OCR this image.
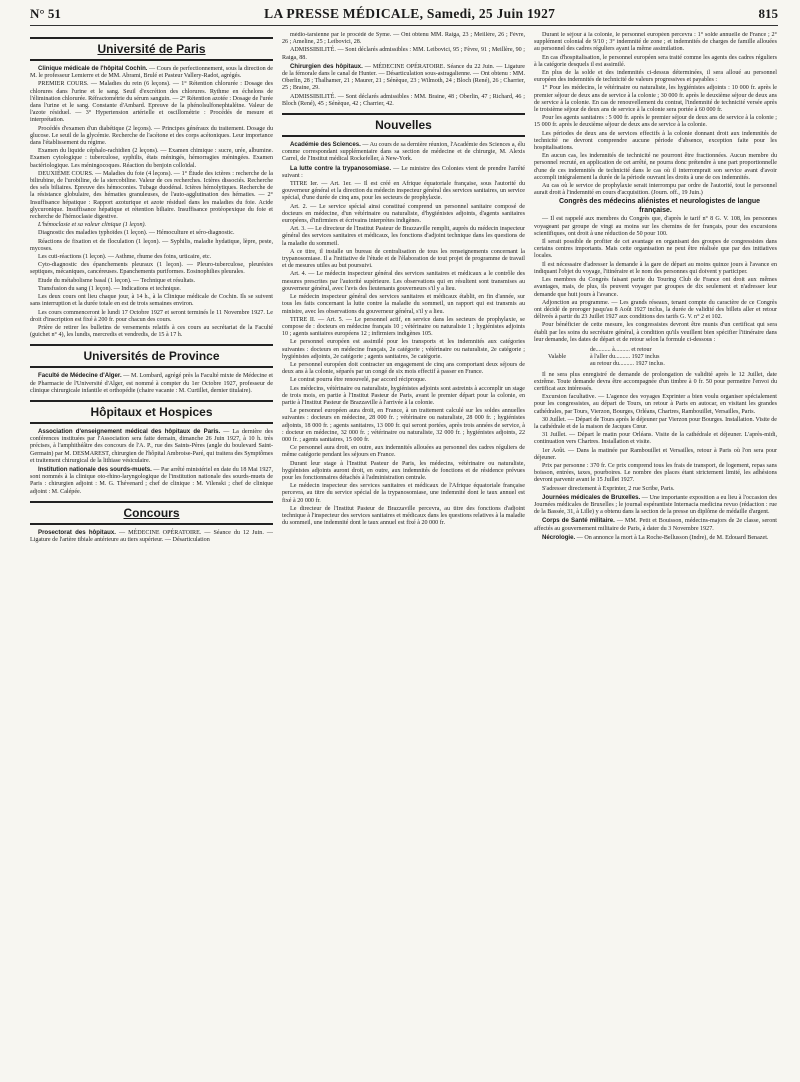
N° 51	LA PRESSE MÉDICALE, Samedi, 25 Juin 1927	815
Université de Paris

Clinique médicale de l'hôpital Cochin. — Cours de perfectionnement, sous la direction de M. le professeur Lemierre et de MM. Abrami, Brulé et Pasteur Vallery-Radot, agrégés.

PREMIER COURS. — Maladies du rein (6 leçons). — 1° Rétention chlorurée : Dosage des chlorures dans l'urine et le sang. Seuil d'excrétion des chlorures. Rythme en échelons de l'élimination chlorurée. Réfractométrie du sérum sanguin. — 2° Rétention azotée : Dosage de l'urée dans l'urine et le sang. Constante d'Ambard. Epreuve de la phénolsulfonephtaléine. Valeur de l'azote résiduel. — 3° Hypertension artérielle et oscillométrie : Procédés de mesure et interprétation.

Procédés d'examen d'un diabétique (2 leçons). — Principes généraux du traitement. Dosage du glucose. Le seuil de la glycémie. Recherche de l'acétone et des corps acétoniques. Leur importance dans l'établissement du régime.

Examen du liquide céphalo-rachidien (2 leçons). — Examen chimique : sucre, urée, albumine. Examen cytologique : tuberculose, syphilis, états méningés, hémorragies méningées. Examen bactériologique. Les méningocoques. Réaction du benjoin colloïdal.

DEUXIÈME COURS. — Maladies du foie (4 leçons). — 1° Étude des ictères : recherche de la bilirubine, de l'urobiline, de la stercobiline. Valeur de ces recherches. Ictères dissociés. Recherche des sels biliaires. Epreuve des hémoconies. Tubage duodénal. Ictères hémolytiques. Recherche de la résistance globulaire, des hématies granuleuses, de l'auto-agglutination des hématies. — 2° Insuffisance hépatique : Rapport azoturique et azote résiduel dans les maladies du foie. Acide glycuronique. Insuffisance hépatique et rétention biliaire. Insuffisance protéopexique du foie et recherche de l'hémoclasie digestive.

L'hémoclasie et sa valeur clinique (1 leçon).

Diagnostic des maladies typhoïdes (1 leçon). — Hémoculture et séro-diagnostic.

Réactions de fixation et de floculation (1 leçon). — Syphilis, maladie hydatique, lèpre, peste, mycoses.

Les cuti-réactions (1 leçon). — Asthme, rhume des foins, urticaire, etc.

Cyto-diagnostic des épanchements pleuraux (1 leçon). — Pleuro-tuberculose, pleurésies septiques, mécaniques, cancéreuses. Epanchements puriformes. Eosinophilies pleurales.

Etude du métabolisme basal (1 leçon). — Technique et résultats.

Transfusion du sang (1 leçon). — Indications et technique.

Les deux cours ont lieu chaque jour, à 14 h., à la Clinique médicale de Cochin. Ils se suivent sans interruption et la durée totale en est de trois semaines environ.

Les cours commenceront le lundi 17 Octobre 1927 et seront terminés le 11 Novembre 1927. Le droit d'inscription est fixé à 200 fr. pour chacun des cours.

Prière de retirer les bulletins de versements relatifs à ces cours au secrétariat de la Faculté (guichet n° 4), les lundis, mercredis et vendredis, de 15 à 17 h.

Universités de Province

Faculté de Médecine d'Alger. — M. Lombard, agrégé près la Faculté mixte de Médecine et de Pharmacie de l'Université d'Alger, est nommé à compter du 1er Octobre 1927, professeur de clinique chirurgicale infantile et orthopédie (chaire vacante : M. Curtillet, dernier titulaire).

Hôpitaux et Hospices

Association d'enseignement médical des hôpitaux de Paris. — La dernière des conférences instituées par l'Association sera faite demain, dimanche 26 Juin 1927, à 10 h. très précises, à l'amphithéâtre des concours de l'A. P., rue des Saints-Pères (angle du boulevard Saint-Germain) par M. DESMAREST, chirurgien de l'hôpital Ambroise-Paré, qui traitera des Symptômes et traitement chirurgical de la lithiase vésiculaire.

Institution nationale des sourds-muets. — Par arrêté ministériel en date du 18 Mai 1927, sont nommés à la clinique oto-rhino-laryngologique de l'institution nationale des sourds-muets de Paris : chirurgien adjoint : M. G. Thévenard ; chef de clinique : M. Vilenski ; chef de clinique adjoint : M. Calépée.

Concours

Prosectorat des hôpitaux. — MÉDECINE OPÉRATOIRE. — Séance du 12 Juin. — Ligature de l'artère tibiale antérieure au tiers supérieur. — Désarticulation

médio-tarsienne par le procédé de Syme. — Ont obtenu MM. Raiga, 23 ; Meillère, 26 ; Fèvre, 26 ; Ameline, 25 ; Leibovici, 28.

ADMISSIBILITÉ. — Sont déclarés admissibles : MM. Leibovici, 95 ; Fèvre, 91 ; Meillère, 90 ; Raiga, 88.

Chirurgien des hôpitaux. — MÉDECINE OPÉRATOIRE. Séance du 22 Juin. — Ligature de la fémorale dans le canal de Hunter. — Désarticulation sous-astragalienne. — Ont obtenu : MM. Oberlin, 28 ; Thalhamer, 21 ; Maurer, 21 ; Sénèque, 23 ; Wilmoth, 24 ; Bloch (René), 26 ; Charrier, 25 ; Braine, 29.

ADMISSIBILITÉ. — Sont déclarés admissibles : MM. Braine, 48 ; Oberlin, 47 ; Richard, 46 ; Bloch (René), 45 ; Sénèque, 42 ; Charrier, 42.

Nouvelles

Académie des Sciences. — Au cours de sa dernière réunion, l'Académie des Sciences a, élu comme correspondant supplémentaire dans sa section de médecine et de chirurgie, M. Alexis Carrel, de l'Institut médical Rockefeller, à New-York.

La lutte contre la trypanosomiase. — Le ministre des Colonies vient de prendre l'arrêté suivant :

TITRE Ier. — Art. 1er. — Il est créé en Afrique équatoriale française, sous l'autorité du gouverneur général et la direction du médecin inspecteur général des services sanitaires, un service spécial, d'une durée de cinq ans, pour les secteurs de prophylaxie.

Art. 2. — Le service spécial ainsi constitué comprend un personnel sanitaire composé de docteurs en médecine, d'un vétérinaire ou naturaliste, d'hygiénistes adjoints, d'agents sanitaires européens, d'infirmiers et écrivains interprètes indigènes.

Art. 3. — Le directeur de l'Institut Pasteur de Brazzaville remplit, auprès du médecin inspecteur général des services sanitaires et médicaux, les fonctions d'adjoint technique dans les questions de la maladie du sommeil.

A ce titre, il installe un bureau de centralisation de tous les renseignements concernant la trypanosomiase. Il a l'initiative de l'étude et de l'élaboration de tout projet de programme de travail et de mesures utiles au but poursuivi.

Art. 4. — Le médecin inspecteur général des services sanitaires et médicaux a le contrôle des mesures prescrites par l'autorité supérieure. Les observations qui en résultent sont transmises au gouverneur général, avec l'avis des lieutenants gouverneurs s'il y a lieu.

Le médecin inspecteur général des services sanitaires et médicaux établit, en fin d'année, sur tous les faits concernant la lutte contre la maladie du sommeil, un rapport qui est transmis au ministre, avec les observations du gouverneur général, s'il y a lieu.

TITRE II. — Art. 5. — Le personnel actif, en service dans les secteurs de prophylaxie, se compose de : docteurs en médecine français 10 ; vétérinaire ou naturaliste 1 ; hygiénistes adjoints 10 ; agents sanitaires européens 12 ; infirmiers indigènes 105.

Le personnel européen est assimilé pour les transports et les indemnités aux catégories suivantes : docteurs en médecine français, 2e catégorie ; vétérinaire ou naturaliste, 2e catégorie ; hygiénistes adjoints, 2e catégorie ; agents sanitaires, 3e catégorie.

Le personnel européen doit contracter un engagement de cinq ans comportant deux séjours de deux ans à la colonie, séparés par un congé de six mois effectif à passer en France.

Le contrat pourra être renouvelé, par accord réciproque.

Les médecins, vétérinaire ou naturaliste, hygiénistes adjoints sont astreints à accomplir un stage de trois mois, en partie à l'Institut Pasteur de Paris, avant le premier départ pour la colonie, en partie à l'Institut Pasteur de Brazzaville à l'arrivée à la colonie.

Le personnel européen aura droit, en France, à un traitement calculé sur les soldes annuelles suivantes : docteurs en médecine, 28 000 fr. ; vétérinaire ou naturaliste, 28 000 fr. ; hygiénistes adjoints, 18 000 fr. ; agents sanitaires, 13 000 fr. qui seront portées, après trois années de service, à : docteur en médecine, 32 000 fr. ; vétérinaire ou naturaliste, 32 000 fr. ; hygiénistes adjoints, 22 000 fr. ; agents sanitaires, 15 000 fr.

Ce personnel aura droit, en outre, aux indemnités allouées au personnel des cadres réguliers de même catégorie pendant les séjours en France.

Durant leur stage à l'Institut Pasteur de Paris, les médecins, vétérinaire ou naturaliste, hygiénistes adjoints auront droit, en outre, aux indemnités de fonctions et de résidence prévues pour les fonctionnaires détachés à l'administration centrale.

Le médecin inspecteur des services sanitaires et médicaux de l'Afrique équatoriale française percevra, au titre du service spécial de la trypanosomiase, une indemnité dont le taux annuel est fixé à 20 000 fr.

Le directeur de l'Institut Pasteur de Brazzaville percevra, au titre des fonctions d'adjoint technique à l'inspecteur des services sanitaires et médicaux dans les questions relatives à la maladie du sommeil, une indemnité dont le taux annuel est fixé à 20 000 fr.

Durant le séjour à la colonie, le personnel européen percevra : 1° solde annuelle de France ; 2° supplément colonial de 9/10 ; 3° indemnité de zone ; et indemnités de charges de famille allouées au personnel des cadres réguliers ayant la même assimilation.

En cas d'hospitalisation, le personnel européen sera traité comme les agents des cadres réguliers à la catégorie desquels il est assimilé.

En plus de la solde et des indemnités ci-dessus déterminées, il sera alloué au personnel européen des indemnités de technicité de valeurs progressives et payables :

1° Pour les médecins, le vétérinaire ou naturaliste, les hygiénistes adjoints : 10 000 fr. après le premier séjour de deux ans de service à la colonie ; 30 000 fr. après le deuxième séjour de deux ans de service à la colonie. En cas de renouvellement du contrat, l'indemnité de technicité versée après le troisième séjour de deux ans de service à la colonie sera portée à 60 000 fr.

Pour les agents sanitaires : 5 000 fr. après le premier séjour de deux ans de service à la colonie ; 15 000 fr. après le deuxième séjour de deux ans de service à la colonie.

Les périodes de deux ans de services effectifs à la colonie donnant droit aux indemnités de technicité ne devront comprendre aucune période d'absence, exception faite pour les hospitalisations.

En aucun cas, les indemnités de technicité ne pourront être fractionnées. Aucun membre du personnel recruté, en application de cet arrêté, ne pourra donc prétendre à une part proportionnelle d'une de ces indemnités de technicité dans le cas où il interromprait son service avant d'avoir accompli intégralement la durée de la période ouvrant les droits à une de ces indemnités.

Au cas où le service de prophylaxie serait interrompu par ordre de l'autorité, tout le personnel aurait droit à l'indemnité en cours d'acquisition. (Journ. off., 19 Juin.)

Congrès des médecins aliénistes et neurologistes de langue française.

— Il est rappelé aux membres du Congrès que, d'après le tarif n° 8 G. V. 108, les personnes voyageant par groupe de vingt au moins sur les chemins de fer français, pour des excursions scientifiques, ont droit à une réduction de 50 pour 100.

Il serait possible de profiter de cet avantage en organisant des groupes de congressistes dans certains centres importants. Mais cette organisation ne peut être réalisée que par des initiatives locales.

Il est nécessaire d'adresser la demande à la gare de départ au moins quinze jours à l'avance en indiquant l'objet du voyage, l'itinéraire et le nom des personnes qui doivent y participer.

Les membres du Congrès faisant partie du Touring Club de France ont droit aux mêmes avantages, mais, de plus, ils peuvent voyager par groupes de dix seulement et n'adresser leur demande que huit jours à l'avance.

Adjonction au programme. — Les grands réseaux, tenant compte du caractère de ce Congrès ont décidé de proroger jusqu'au 8 Août 1927 inclus, la durée de validité des billets aller et retour délivrés à partir du 23 Juillet 1927 aux conditions des tarifs G. V. n° 2 et 102.

Pour bénéficier de cette mesure, les congressistes devront être munis d'un certificat qui sera établi par les soins du secrétaire général, à condition qu'ils veuillent bien spécifier l'itinéraire dans leur demande, les dates de départ et de retour selon la formule ci-dessous :

de.......... à.......... et retour
Valable	à l'aller du.......... 1927 inclus
au retour du.......... 1927 inclus.

Il ne sera plus enregistré de demande de prolongation de validité après le 12 Juillet, date extrême. Toute demande devra être accompagnée d'un timbre à 0 fr. 50 pour permettre l'envoi du certificat aux intéressés.

Excursion facultative. — L'agence des voyages Exprinter a bien voulu organiser spécialement pour les congressistes, au départ de Tours, un retour à Paris en autocar, en visitant les grandes cathédrales, par Tours, Vierzon, Bourges, Orléans, Chartres, Rambouillet, Versailles, Paris.

30 Juillet. — Départ de Tours après le déjeuner par Vierzon pour Bourges. Installation. Visite de la cathédrale et de la maison de Jacques Cœur.

31 Juillet. — Départ le matin pour Orléans. Visite de la cathédrale et déjeuner. L'après-midi, continuation vers Chartres. Installation et visite.

1er Août. — Dans la matinée par Rambouillet et Versailles, retour à Paris où l'on sera pour déjeuner.

Prix par personne : 370 fr. Ce prix comprend tous les frais de transport, de logement, repas sans boisson, entrées, taxes, pourboires. Le nombre des places étant strictement limité, les adhésions devront parvenir avant le 15 Juillet 1927.

S'adresser directement à Exprinter, 2 rue Scribe, Paris.

Journées médicales de Bruxelles. — Une importante exposition a eu lieu à l'occasion des Journées médicales de Bruxelles ; le journal espérantiste Internacia medicina revuo (rédaction : rue de la Bassée, 31, à Lille) y a obtenu dans la section de la presse un diplôme de médaille d'argent.

Corps de Santé militaire. — MM. Petit et Bouisson, médecins-majors de 2e classe, seront affectés au gouvernement militaire de Paris, à dater du 3 Novembre 1927.

Nécrologie. — On annonce la mort à La Roche-Bellusson (Indre), de M. Edouard Benazet.
